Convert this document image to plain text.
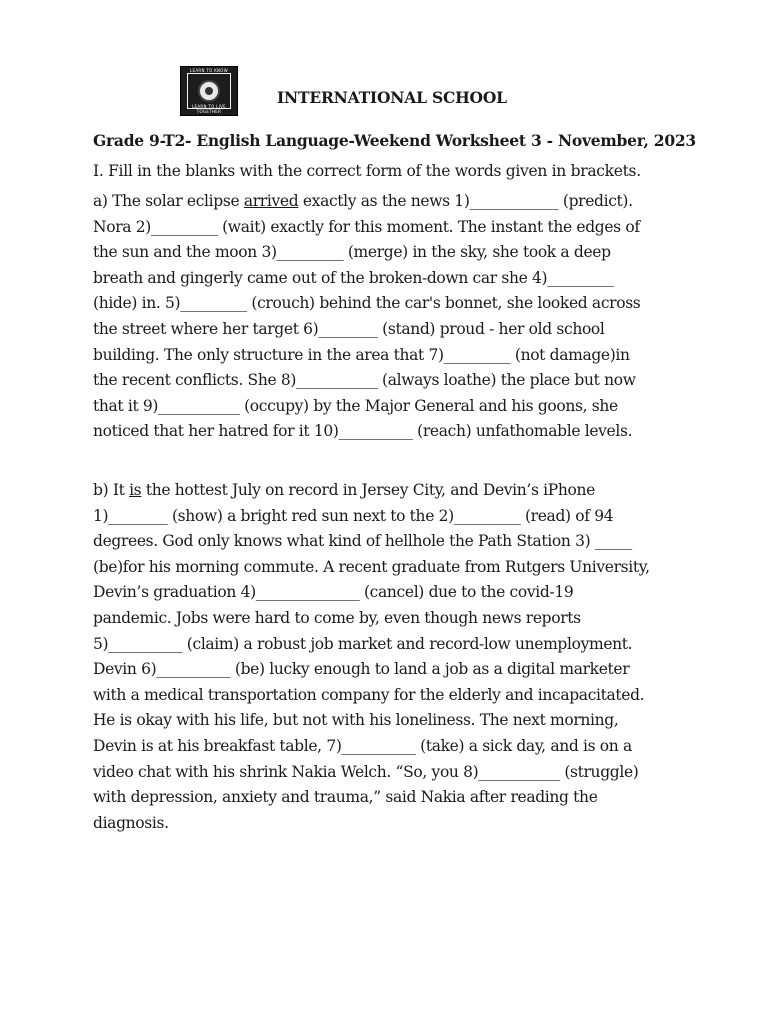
LEARN TO KNOW
LEARN TO LIVE TOGETHER
INTERNATIONAL SCHOOL
Grade 9-T2- English Language-Weekend Worksheet 3 - November, 2023
I. Fill in the blanks with the correct form of the words given in brackets.
a) The solar eclipse arrived exactly as the news 1)____________ (predict).
Nora 2)_________ (wait) exactly for this moment. The instant the edges of
the sun and the moon 3)_________ (merge) in the sky, she took a deep
breath and gingerly came out of the broken-down car she 4)_________
(hide) in. 5)_________ (crouch) behind the car's bonnet, she looked across
the street where her target 6)________ (stand) proud - her old school
building. The only structure in the area that 7)_________ (not damage)in
the recent conflicts. She 8)___________ (always loathe) the place but now
that it 9)___________ (occupy) by the Major General and his goons, she
noticed that her hatred for it 10)__________ (reach) unfathomable levels.
b) It is the hottest July on record in Jersey City, and Devin’s iPhone
1)________ (show) a bright red sun next to the 2)_________ (read) of 94
degrees. God only knows what kind of hellhole the Path Station 3) _____
(be)for his morning commute. A recent graduate from Rutgers University,
Devin’s graduation 4)______________ (cancel) due to the covid-19
pandemic. Jobs were hard to come by, even though news reports
5)__________ (claim) a robust job market and record-low unemployment.
Devin 6)__________ (be) lucky enough to land a job as a digital marketer
with a medical transportation company for the elderly and incapacitated.
He is okay with his life, but not with his loneliness. The next morning,
Devin is at his breakfast table, 7)__________ (take) a sick day, and is on a
video chat with his shrink Nakia Welch. “So, you 8)___________ (struggle)
with depression, anxiety and trauma,” said Nakia after reading the
diagnosis.
